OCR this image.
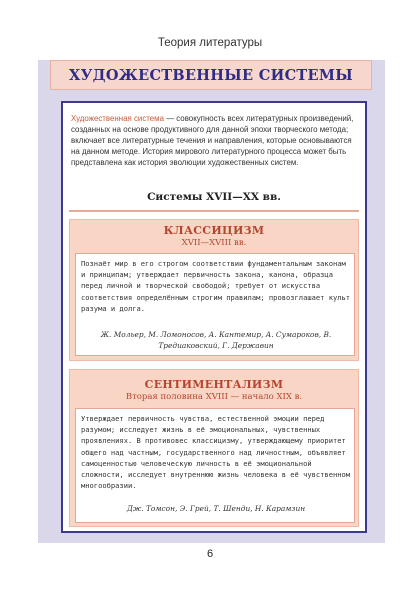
Теория литературы
ХУДОЖЕСТВЕННЫЕ СИСТЕМЫ

Художественная система — совокупность всех литературных произведений, созданных на основе продуктивного для данной эпохи творческого метода; включает все литературные течения и направления, которые основываются на данном методе. История мирового литературного процесса может быть представлена как история эволюции художественных систем.

Системы XVII—XX вв.
КЛАССИЦИЗМ
XVII—XVIII вв.

Познаёт мир в его строгом соответствии фундаментальным законам и принципам; утверждает первичность закона, канона, образца перед личной и творческой свободой; требует от искусства соответствия определённым строгим правилам; провозглашает культ разума и долга.

Ж. Мольер, М. Ломоносов, А. Кантемир, А. Сумароков, В. Тредиаковский, Г. Державин

СЕНТИМЕНТАЛИЗМ
Вторая половина XVIII — начало XIX в.

Утверждает первичность чувства, естественной эмоции перед разумом; исследует жизнь в её эмоциональных, чувственных проявлениях. В противовес классицизму, утверждающему приоритет общего над частным, государственного над личностным, объявляет самоценностью человеческую личность в её эмоциональной сложности, исследует внутреннюю жизнь человека в её чувственном многообразии.

Дж. Томсон, Э. Грей, Т. Шенди, Н. Карамзин

6
